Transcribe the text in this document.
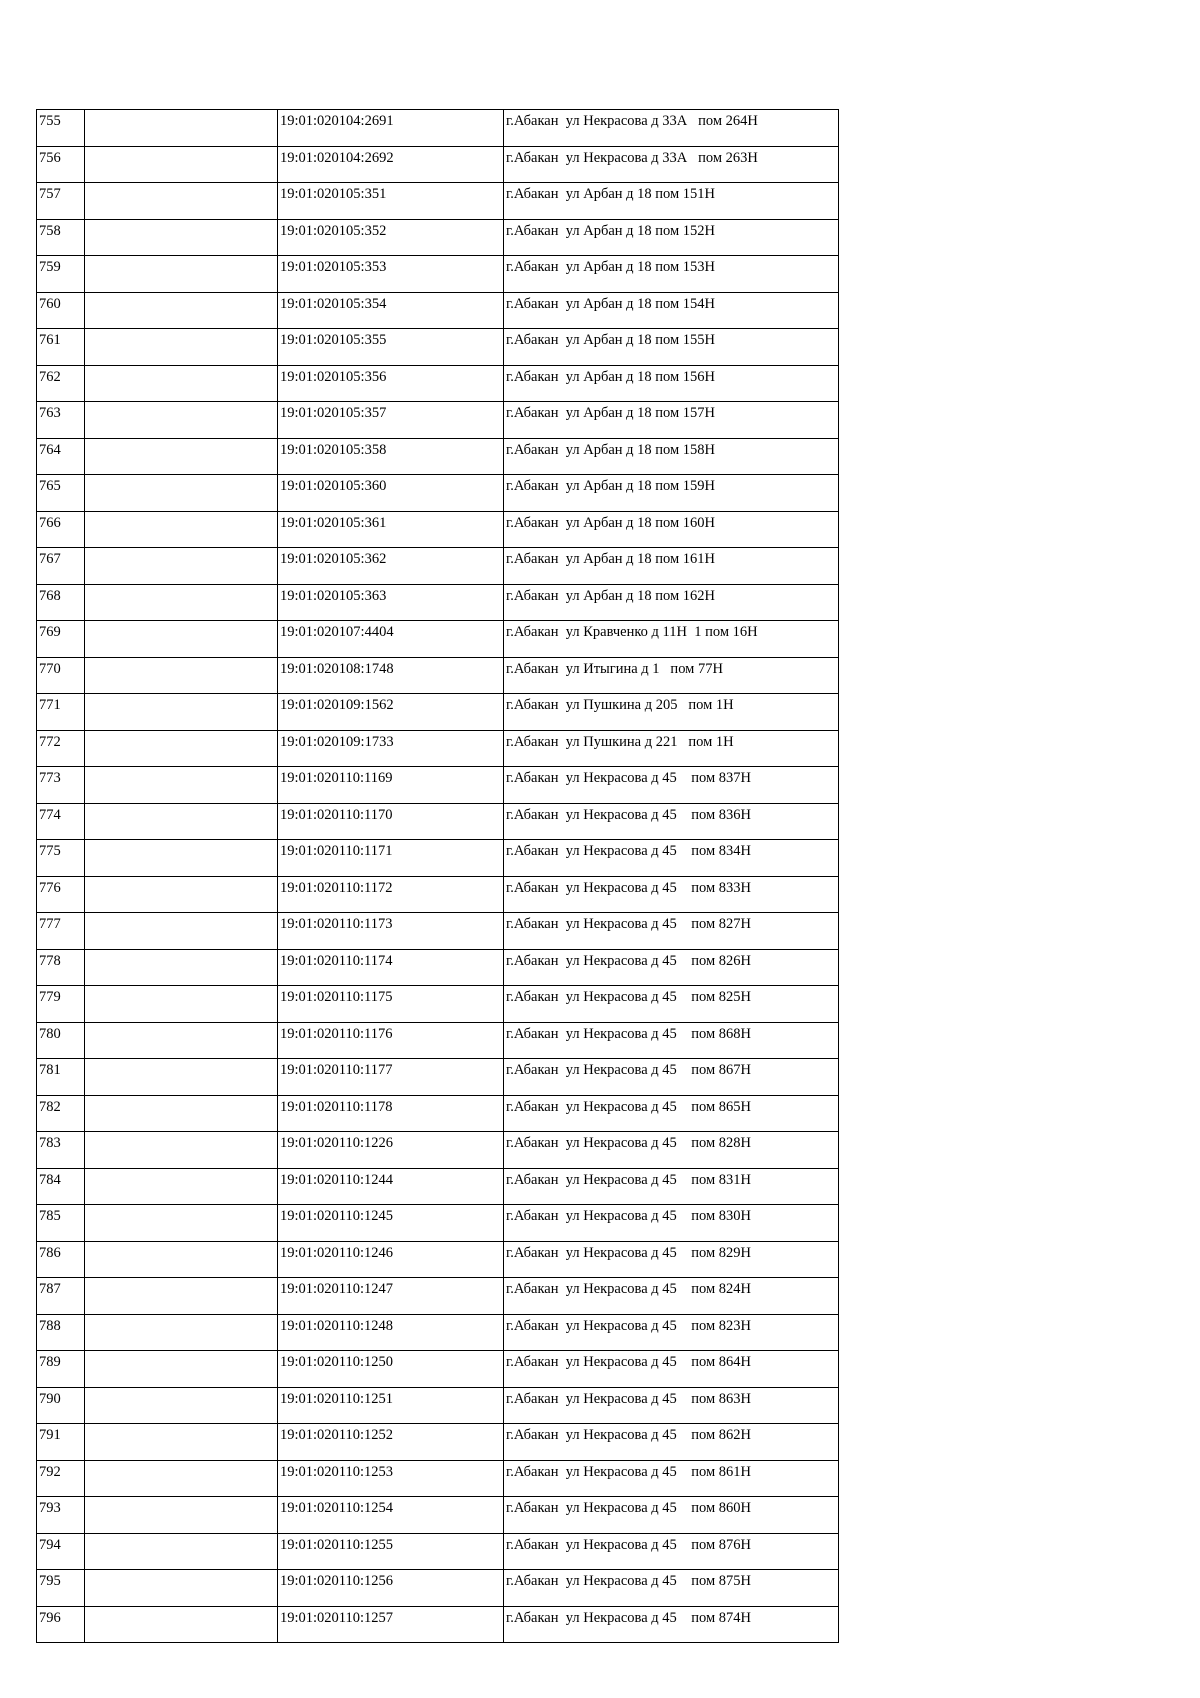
755		19:01:020104:2691	г.Абакан  ул Некрасова д 33А   пом 264Н
756		19:01:020104:2692	г.Абакан  ул Некрасова д 33А   пом 263Н
757		19:01:020105:351	г.Абакан  ул Арбан д 18 пом 151Н
758		19:01:020105:352	г.Абакан  ул Арбан д 18 пом 152Н
759		19:01:020105:353	г.Абакан  ул Арбан д 18 пом 153Н
760		19:01:020105:354	г.Абакан  ул Арбан д 18 пом 154Н
761		19:01:020105:355	г.Абакан  ул Арбан д 18 пом 155Н
762		19:01:020105:356	г.Абакан  ул Арбан д 18 пом 156Н
763		19:01:020105:357	г.Абакан  ул Арбан д 18 пом 157Н
764		19:01:020105:358	г.Абакан  ул Арбан д 18 пом 158Н
765		19:01:020105:360	г.Абакан  ул Арбан д 18 пом 159Н
766		19:01:020105:361	г.Абакан  ул Арбан д 18 пом 160Н
767		19:01:020105:362	г.Абакан  ул Арбан д 18 пом 161Н
768		19:01:020105:363	г.Абакан  ул Арбан д 18 пом 162Н
769		19:01:020107:4404	г.Абакан  ул Кравченко д 11Н  1 пом 16Н
770		19:01:020108:1748	г.Абакан  ул Итыгина д 1   пом 77Н
771		19:01:020109:1562	г.Абакан  ул Пушкина д 205   пом 1Н
772		19:01:020109:1733	г.Абакан  ул Пушкина д 221   пом 1Н
773		19:01:020110:1169	г.Абакан  ул Некрасова д 45    пом 837Н
774		19:01:020110:1170	г.Абакан  ул Некрасова д 45    пом 836Н
775		19:01:020110:1171	г.Абакан  ул Некрасова д 45    пом 834Н
776		19:01:020110:1172	г.Абакан  ул Некрасова д 45    пом 833Н
777		19:01:020110:1173	г.Абакан  ул Некрасова д 45    пом 827Н
778		19:01:020110:1174	г.Абакан  ул Некрасова д 45    пом 826Н
779		19:01:020110:1175	г.Абакан  ул Некрасова д 45    пом 825Н
780		19:01:020110:1176	г.Абакан  ул Некрасова д 45    пом 868Н
781		19:01:020110:1177	г.Абакан  ул Некрасова д 45    пом 867Н
782		19:01:020110:1178	г.Абакан  ул Некрасова д 45    пом 865Н
783		19:01:020110:1226	г.Абакан  ул Некрасова д 45    пом 828Н
784		19:01:020110:1244	г.Абакан  ул Некрасова д 45    пом 831Н
785		19:01:020110:1245	г.Абакан  ул Некрасова д 45    пом 830Н
786		19:01:020110:1246	г.Абакан  ул Некрасова д 45    пом 829Н
787		19:01:020110:1247	г.Абакан  ул Некрасова д 45    пом 824Н
788		19:01:020110:1248	г.Абакан  ул Некрасова д 45    пом 823Н
789		19:01:020110:1250	г.Абакан  ул Некрасова д 45    пом 864Н
790		19:01:020110:1251	г.Абакан  ул Некрасова д 45    пом 863Н
791		19:01:020110:1252	г.Абакан  ул Некрасова д 45    пом 862Н
792		19:01:020110:1253	г.Абакан  ул Некрасова д 45    пом 861Н
793		19:01:020110:1254	г.Абакан  ул Некрасова д 45    пом 860Н
794		19:01:020110:1255	г.Абакан  ул Некрасова д 45    пом 876Н
795		19:01:020110:1256	г.Абакан  ул Некрасова д 45    пом 875Н
796		19:01:020110:1257	г.Абакан  ул Некрасова д 45    пом 874Н
